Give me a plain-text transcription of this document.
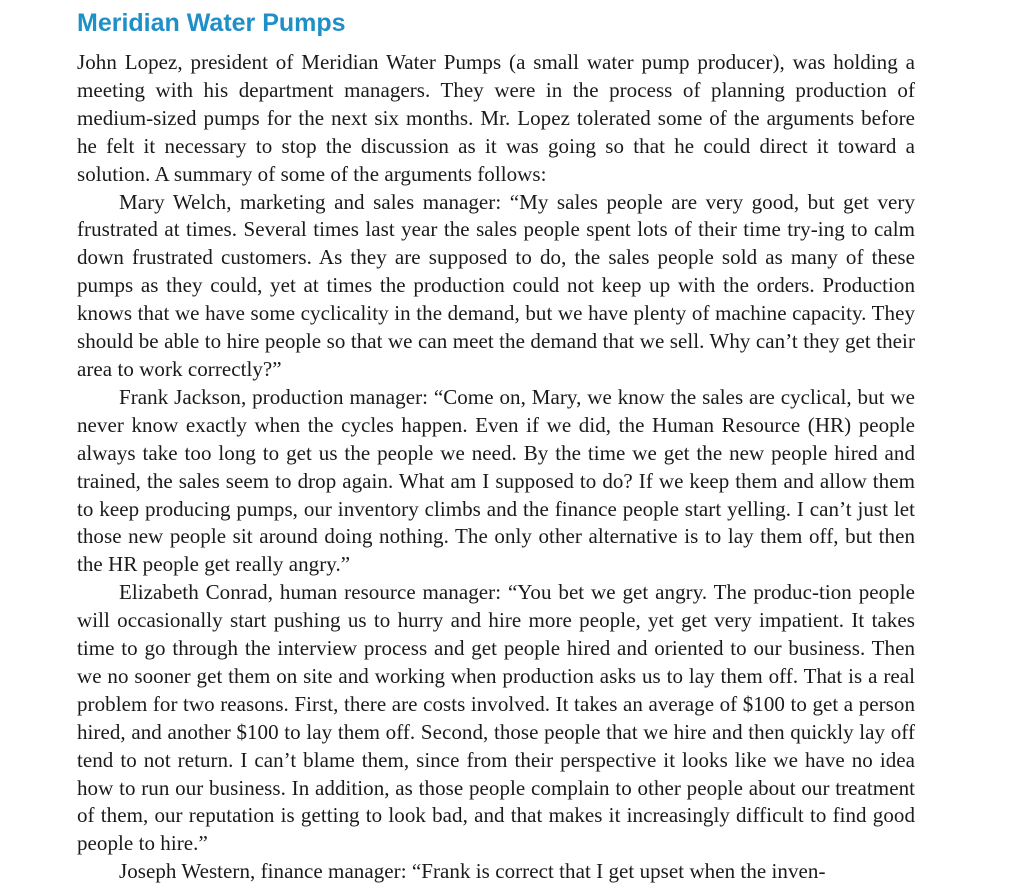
Meridian Water Pumps

John Lopez, president of Meridian Water Pumps (a small water pump producer), was holding a meeting with his department managers. They were in the process of planning production of medium-sized pumps for the next six months. Mr. Lopez tolerated some of the arguments before he felt it necessary to stop the discussion as it was going so that he could direct it toward a solution. A summary of some of the arguments follows:

Mary Welch, marketing and sales manager: “My sales people are very good, but get very frustrated at times. Several times last year the sales people spent lots of their time try-ing to calm down frustrated customers. As they are supposed to do, the sales people sold as many of these pumps as they could, yet at times the production could not keep up with the orders. Production knows that we have some cyclicality in the demand, but we have plenty of machine capacity. They should be able to hire people so that we can meet the demand that we sell. Why can’t they get their area to work correctly?”

Frank Jackson, production manager: “Come on, Mary, we know the sales are cyclical, but we never know exactly when the cycles happen. Even if we did, the Human Resource (HR) people always take too long to get us the people we need. By the time we get the new people hired and trained, the sales seem to drop again. What am I supposed to do? If we keep them and allow them to keep producing pumps, our inventory climbs and the finance people start yelling. I can’t just let those new people sit around doing nothing. The only other alternative is to lay them off, but then the HR people get really angry.”

Elizabeth Conrad, human resource manager: “You bet we get angry. The produc-tion people will occasionally start pushing us to hurry and hire more people, yet get very impatient. It takes time to go through the interview process and get people hired and oriented to our business. Then we no sooner get them on site and working when production asks us to lay them off. That is a real problem for two reasons. First, there are costs involved. It takes an average of $100 to get a person hired, and another $100 to lay them off. Second, those people that we hire and then quickly lay off tend to not return. I can’t blame them, since from their perspective it looks like we have no idea how to run our business. In addition, as those people complain to other people about our treatment of them, our reputation is getting to look bad, and that makes it increasingly difficult to find good people to hire.”

Joseph Western, finance manager: “Frank is correct that I get upset when the inven-
